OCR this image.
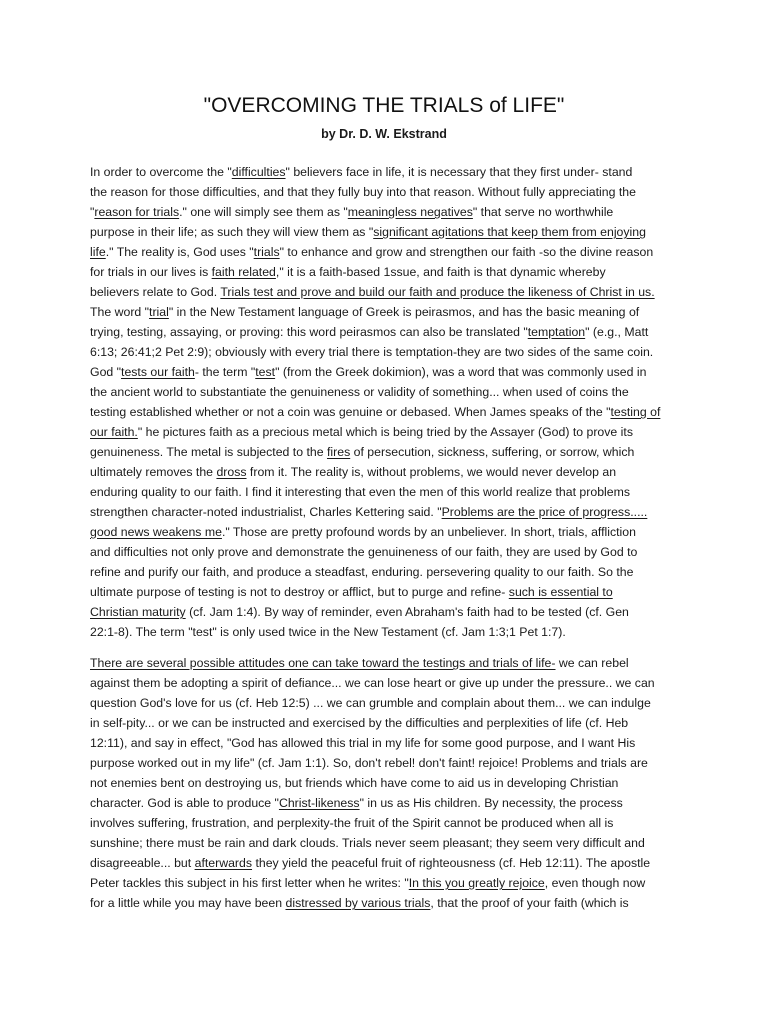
"OVERCOMING THE TRIALS of LIFE"
by Dr. D. W. Ekstrand
In order to overcome the "difficulties" believers face in life, it is necessary that they first under- stand
the reason for those difficulties, and that they fully buy into that reason. Without fully appreciating the
"reason for trials." one will simply see them as "meaningless negatives" that serve no worthwhile
purpose in their life; as such they will view them as "significant agitations that keep them from enjoying
life." The reality is, God uses "trials" to enhance and grow and strengthen our faith -so the divine reason
for trials in our lives is faith related," it is a faith-based 1ssue, and faith is that dynamic whereby
believers relate to God. Trials test and prove and build our faith and produce the likeness of Christ in us.
The word "trial" in the New Testament language of Greek is peirasmos, and has the basic meaning of
trying, testing, assaying, or proving: this word peirasmos can also be translated "temptation" (e.g., Matt
6:13; 26:41;2 Pet 2:9); obviously with every trial there is temptation-they are two sides of the same coin.
God "tests our faith- the term "test" (from the Greek dokimion), was a word that was commonly used in
the ancient world to substantiate the genuineness or validity of something... when used of coins the
testing established whether or not a coin was genuine or debased. When James speaks of the "testing of
our faith." he pictures faith as a precious metal which is being tried by the Assayer (God) to prove its
genuineness. The metal is subjected to the fires of persecution, sickness, suffering, or sorrow, which
ultimately removes the dross from it. The reality is, without problems, we would never develop an
enduring quality to our faith. I find it interesting that even the men of this world realize that problems
strengthen character-noted industrialist, Charles Kettering said. "Problems are the price of progress.....
good news weakens me." Those are pretty profound words by an unbeliever. In short, trials, affliction
and difficulties not only prove and demonstrate the genuineness of our faith, they are used by God to
refine and purify our faith, and produce a steadfast, enduring. persevering quality to our faith. So the
ultimate purpose of testing is not to destroy or afflict, but to purge and refine- such is essential to
Christian maturity (cf. Jam 1:4). By way of reminder, even Abraham's faith had to be tested (cf. Gen
22:1-8). The term "test" is only used twice in the New Testament (cf. Jam 1:3;1 Pet 1:7).
There are several possible attitudes one can take toward the testings and trials of life- we can rebel
against them be adopting a spirit of defiance... we can lose heart or give up under the pressure.. we can
question God's love for us (cf. Heb 12:5) ... we can grumble and complain about them... we can indulge
in self-pity... or we can be instructed and exercised by the difficulties and perplexities of life (cf. Heb
12:11), and say in effect, "God has allowed this trial in my life for some good purpose, and I want His
purpose worked out in my life" (cf. Jam 1:1). So, don't rebel! don't faint! rejoice! Problems and trials are
not enemies bent on destroying us, but friends which have come to aid us in developing Christian
character. God is able to produce "Christ-likeness" in us as His children. By necessity, the process
involves suffering, frustration, and perplexity-the fruit of the Spirit cannot be produced when all is
sunshine; there must be rain and dark clouds. Trials never seem pleasant; they seem very difficult and
disagreeable... but afterwards they yield the peaceful fruit of righteousness (cf. Heb 12:11). The apostle
Peter tackles this subject in his first letter when he writes: "In this you greatly rejoice, even though now
for a little while you may have been distressed by various trials, that the proof of your faith (which is
